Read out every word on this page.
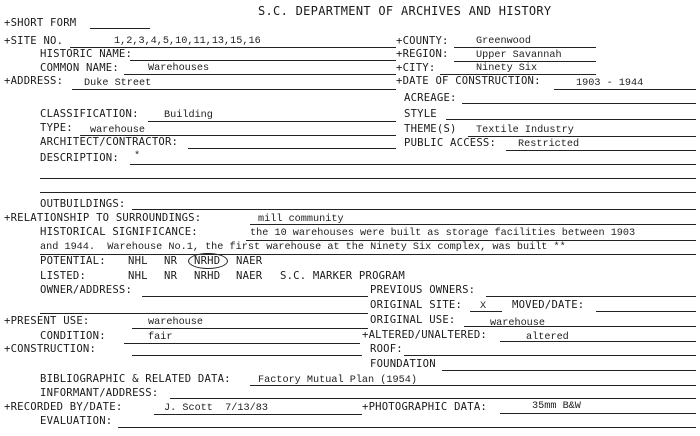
S.C. DEPARTMENT OF ARCHIVES AND HISTORY
+SHORT FORM
+SITE NO.	1,2,3,4,5,10,11,13,15,16	+COUNTY:	Greenwood
HISTORIC NAME:	+REGION:	Upper Savannah
COMMON NAME:	Warehouses	+CITY:	Ninety Six
+ADDRESS: Duke Street	+DATE OF CONSTRUCTION:	1903 - 1944
ACREAGE:
CLASSIFICATION: Building	STYLE
TYPE: warehouse	THEME(S) Textile Industry
ARCHITECT/CONTRACTOR:	PUBLIC ACCESS: Restricted
DESCRIPTION: *
OUTBUILDINGS:
+RELATIONSHIP TO SURROUNDINGS:	mill community
HISTORICAL SIGNIFICANCE:	the 10 warehouses were built as storage facilities between 1903
and 1944.  Warehouse No.1, the first warehouse at the Ninety Six complex, was built **
POTENTIAL: NHL NR NRHD NAER
LISTED:	NHL NR NRHD NAER S.C. MARKER PROGRAM
OWNER/ADDRESS:	PREVIOUS OWNERS:
ORIGINAL SITE: X MOVED/DATE:
+PRESENT USE:	warehouse	ORIGINAL USE:	warehouse
CONDITION:	fair	+ALTERED/UNALTERED:	altered
+CONSTRUCTION:	ROOF:
FOUNDATION
BIBLIOGRAPHIC & RELATED DATA:	Factory Mutual Plan (1954)
INFORMANT/ADDRESS:
+RECORDED BY/DATE:	J. Scott  7/13/83	+PHOTOGRAPHIC DATA:	35mm B&W
EVALUATION:
